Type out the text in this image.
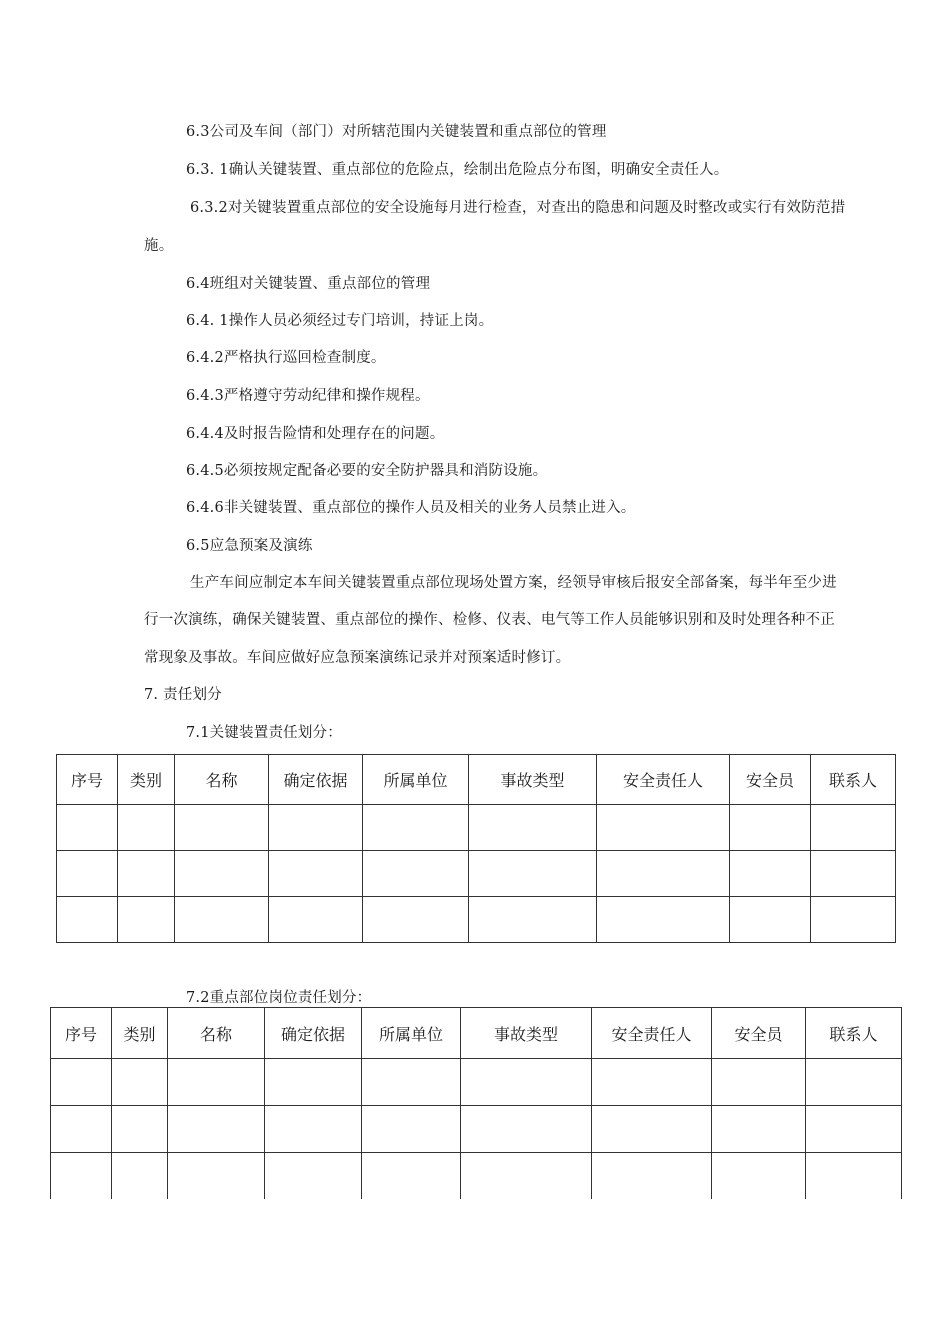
6.3公司及车间（部门）对所辖范围内关键装置和重点部位的管理
6.3. 1确认关键装置、重点部位的危险点，绘制出危险点分布图，明确安全责任人。
6.3.2对关键装置重点部位的安全设施每月进行检查，对查出的隐患和问题及时整改或实行有效防范措
施。
6.4班组对关键装置、重点部位的管理
6.4. 1操作人员必须经过专门培训，持证上岗。
6.4.2严格执行巡回检查制度。
6.4.3严格遵守劳动纪律和操作规程。
6.4.4及时报告险情和处理存在的问题。
6.4.5必须按规定配备必要的安全防护器具和消防设施。
6.4.6非关键装置、重点部位的操作人员及相关的业务人员禁止进入。
6.5应急预案及演练
生产车间应制定本车间关键装置重点部位现场处置方案，经领导审核后报安全部备案，每半年至少进
行一次演练，确保关键装置、重点部位的操作、检修、仪表、电气等工作人员能够识别和及时处理各种不正
常现象及事故。车间应做好应急预案演练记录并对预案适时修订。
7. 责任划分
7.1关键装置责任划分：
序号	类别	名称	确定依据	所属单位	事故类型	安全责任人	安全员	联系人

7.2重点部位岗位责任划分：
序号	类别	名称	确定依据	所属单位	事故类型	安全责任人	安全员	联系人
